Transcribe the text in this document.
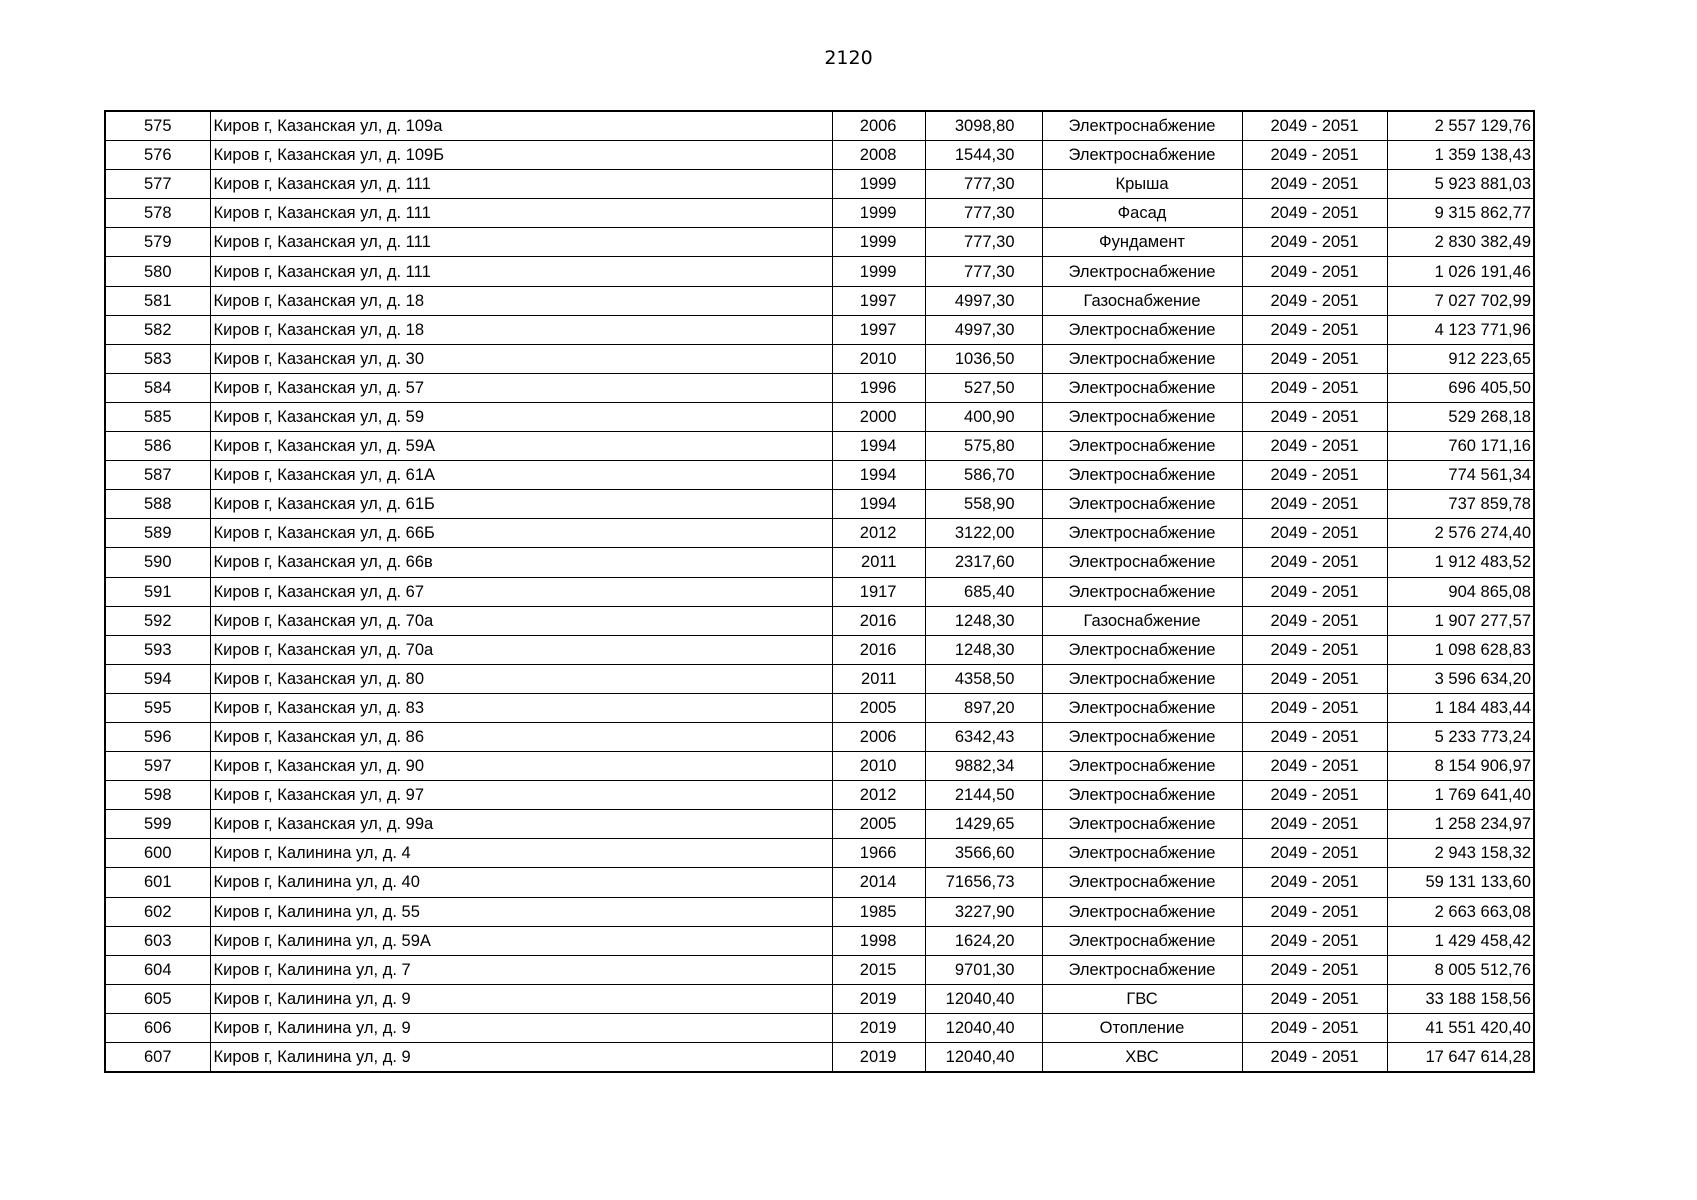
2120
575	Киров г, Казанская ул, д. 109а	2006	3098,80	Электроснабжение	2049 - 2051	2 557 129,76
576	Киров г, Казанская ул, д. 109Б	2008	1544,30	Электроснабжение	2049 - 2051	1 359 138,43
577	Киров г, Казанская ул, д. 111	1999	777,30	Крыша	2049 - 2051	5 923 881,03
578	Киров г, Казанская ул, д. 111	1999	777,30	Фасад	2049 - 2051	9 315 862,77
579	Киров г, Казанская ул, д. 111	1999	777,30	Фундамент	2049 - 2051	2 830 382,49
580	Киров г, Казанская ул, д. 111	1999	777,30	Электроснабжение	2049 - 2051	1 026 191,46
581	Киров г, Казанская ул, д. 18	1997	4997,30	Газоснабжение	2049 - 2051	7 027 702,99
582	Киров г, Казанская ул, д. 18	1997	4997,30	Электроснабжение	2049 - 2051	4 123 771,96
583	Киров г, Казанская ул, д. 30	2010	1036,50	Электроснабжение	2049 - 2051	912 223,65
584	Киров г, Казанская ул, д. 57	1996	527,50	Электроснабжение	2049 - 2051	696 405,50
585	Киров г, Казанская ул, д. 59	2000	400,90	Электроснабжение	2049 - 2051	529 268,18
586	Киров г, Казанская ул, д. 59А	1994	575,80	Электроснабжение	2049 - 2051	760 171,16
587	Киров г, Казанская ул, д. 61А	1994	586,70	Электроснабжение	2049 - 2051	774 561,34
588	Киров г, Казанская ул, д. 61Б	1994	558,90	Электроснабжение	2049 - 2051	737 859,78
589	Киров г, Казанская ул, д. 66Б	2012	3122,00	Электроснабжение	2049 - 2051	2 576 274,40
590	Киров г, Казанская ул, д. 66в	2011	2317,60	Электроснабжение	2049 - 2051	1 912 483,52
591	Киров г, Казанская ул, д. 67	1917	685,40	Электроснабжение	2049 - 2051	904 865,08
592	Киров г, Казанская ул, д. 70а	2016	1248,30	Газоснабжение	2049 - 2051	1 907 277,57
593	Киров г, Казанская ул, д. 70а	2016	1248,30	Электроснабжение	2049 - 2051	1 098 628,83
594	Киров г, Казанская ул, д. 80	2011	4358,50	Электроснабжение	2049 - 2051	3 596 634,20
595	Киров г, Казанская ул, д. 83	2005	897,20	Электроснабжение	2049 - 2051	1 184 483,44
596	Киров г, Казанская ул, д. 86	2006	6342,43	Электроснабжение	2049 - 2051	5 233 773,24
597	Киров г, Казанская ул, д. 90	2010	9882,34	Электроснабжение	2049 - 2051	8 154 906,97
598	Киров г, Казанская ул, д. 97	2012	2144,50	Электроснабжение	2049 - 2051	1 769 641,40
599	Киров г, Казанская ул, д. 99а	2005	1429,65	Электроснабжение	2049 - 2051	1 258 234,97
600	Киров г, Калинина ул, д. 4	1966	3566,60	Электроснабжение	2049 - 2051	2 943 158,32
601	Киров г, Калинина ул, д. 40	2014	71656,73	Электроснабжение	2049 - 2051	59 131 133,60
602	Киров г, Калинина ул, д. 55	1985	3227,90	Электроснабжение	2049 - 2051	2 663 663,08
603	Киров г, Калинина ул, д. 59А	1998	1624,20	Электроснабжение	2049 - 2051	1 429 458,42
604	Киров г, Калинина ул, д. 7	2015	9701,30	Электроснабжение	2049 - 2051	8 005 512,76
605	Киров г, Калинина ул, д. 9	2019	12040,40	ГВС	2049 - 2051	33 188 158,56
606	Киров г, Калинина ул, д. 9	2019	12040,40	Отопление	2049 - 2051	41 551 420,40
607	Киров г, Калинина ул, д. 9	2019	12040,40	ХВС	2049 - 2051	17 647 614,28
